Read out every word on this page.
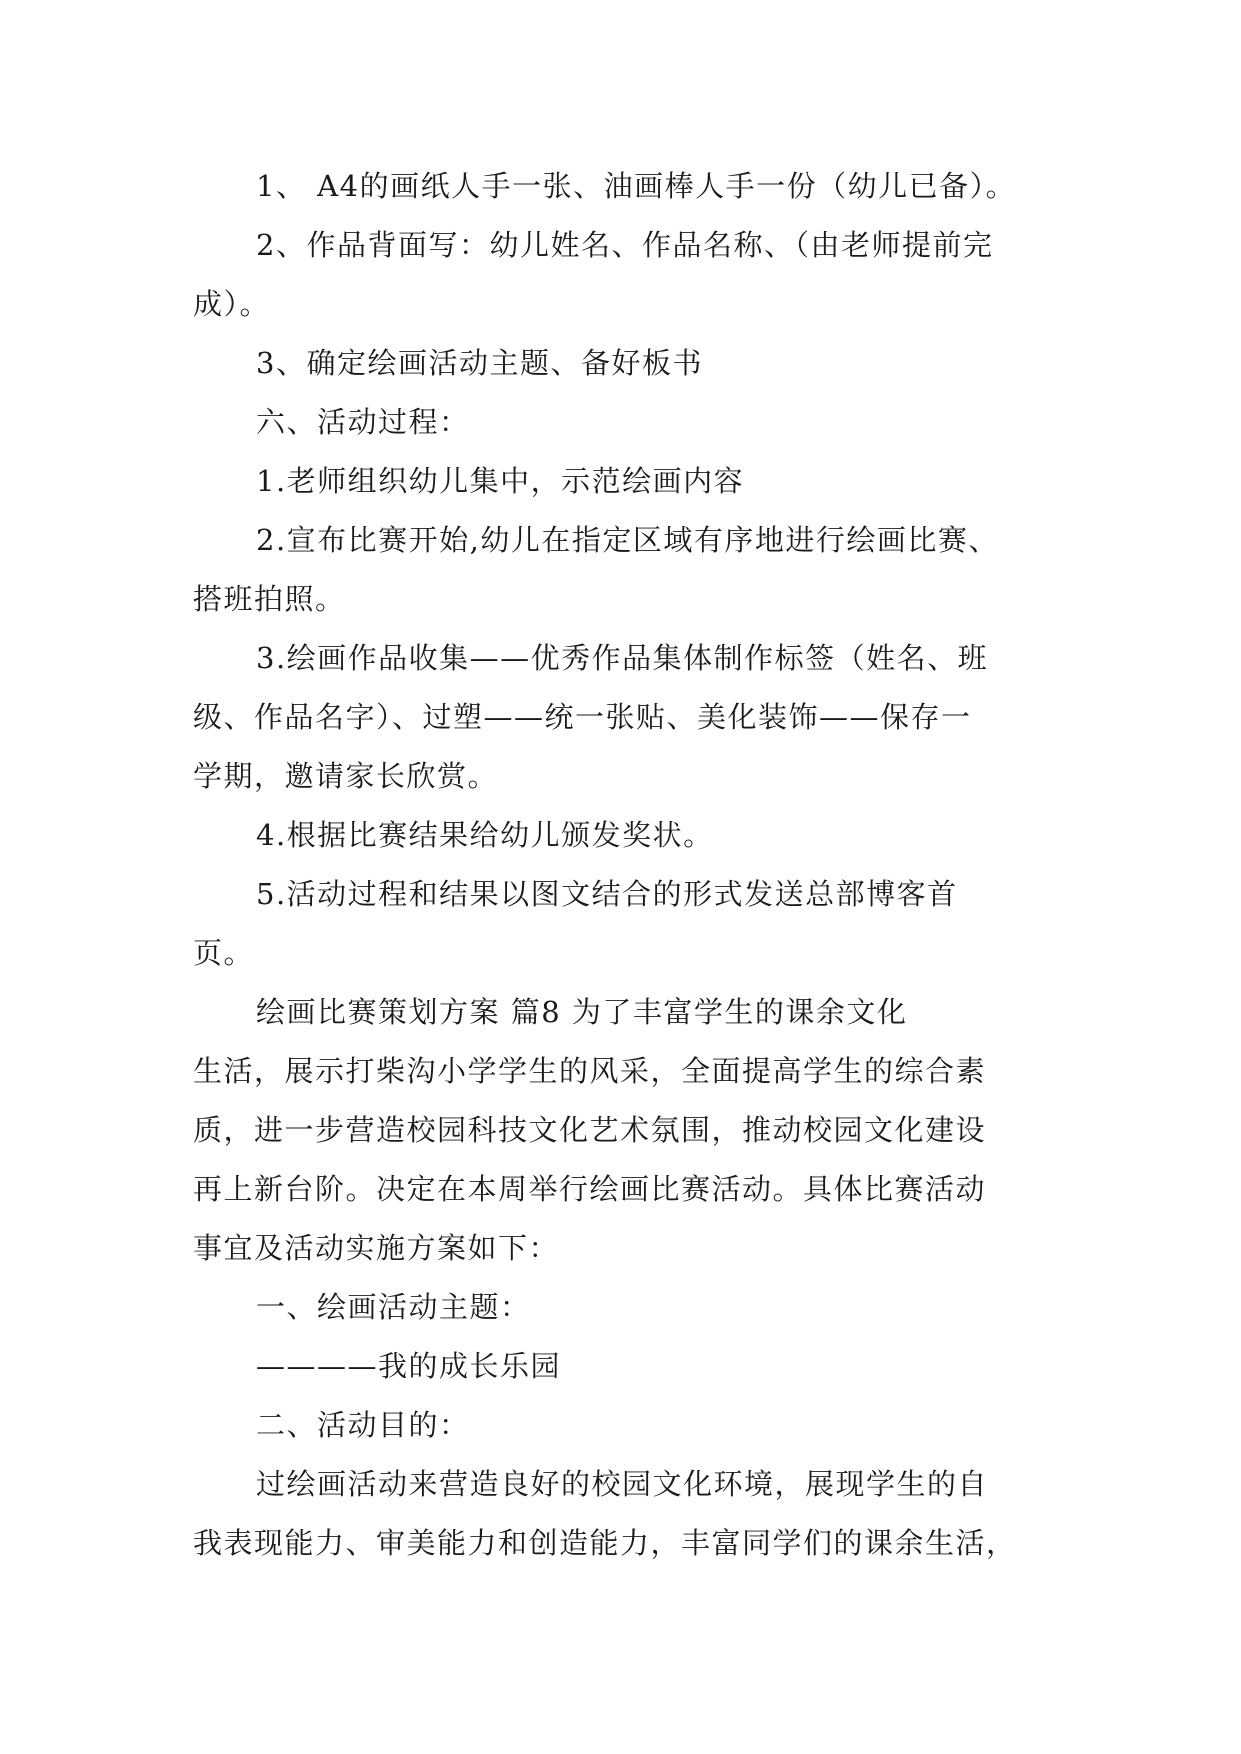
1、 A4的画纸人手一张、油画棒人手一份（幼儿已备）。
2、作品背面写：幼儿姓名、作品名称、（由老师提前完
成）。
3、确定绘画活动主题、备好板书
六、活动过程：
1.老师组织幼儿集中，示范绘画内容
2.宣布比赛开始,幼儿在指定区域有序地进行绘画比赛、
搭班拍照。
3.绘画作品收集——优秀作品集体制作标签（姓名、班
级、作品名字）、过塑——统一张贴、美化装饰——保存一
学期，邀请家长欣赏。
4.根据比赛结果给幼儿颁发奖状。
5.活动过程和结果以图文结合的形式发送总部博客首
页。
绘画比赛策划方案 篇8 为了丰富学生的课余文化
生活，展示打柴沟小学学生的风采，全面提高学生的综合素
质，进一步营造校园科技文化艺术氛围，推动校园文化建设
再上新台阶。决定在本周举行绘画比赛活动。具体比赛活动
事宜及活动实施方案如下：
一、绘画活动主题：
————我的成长乐园
二、活动目的：
过绘画活动来营造良好的校园文化环境，展现学生的自
我表现能力、审美能力和创造能力，丰富同学们的课余生活，
